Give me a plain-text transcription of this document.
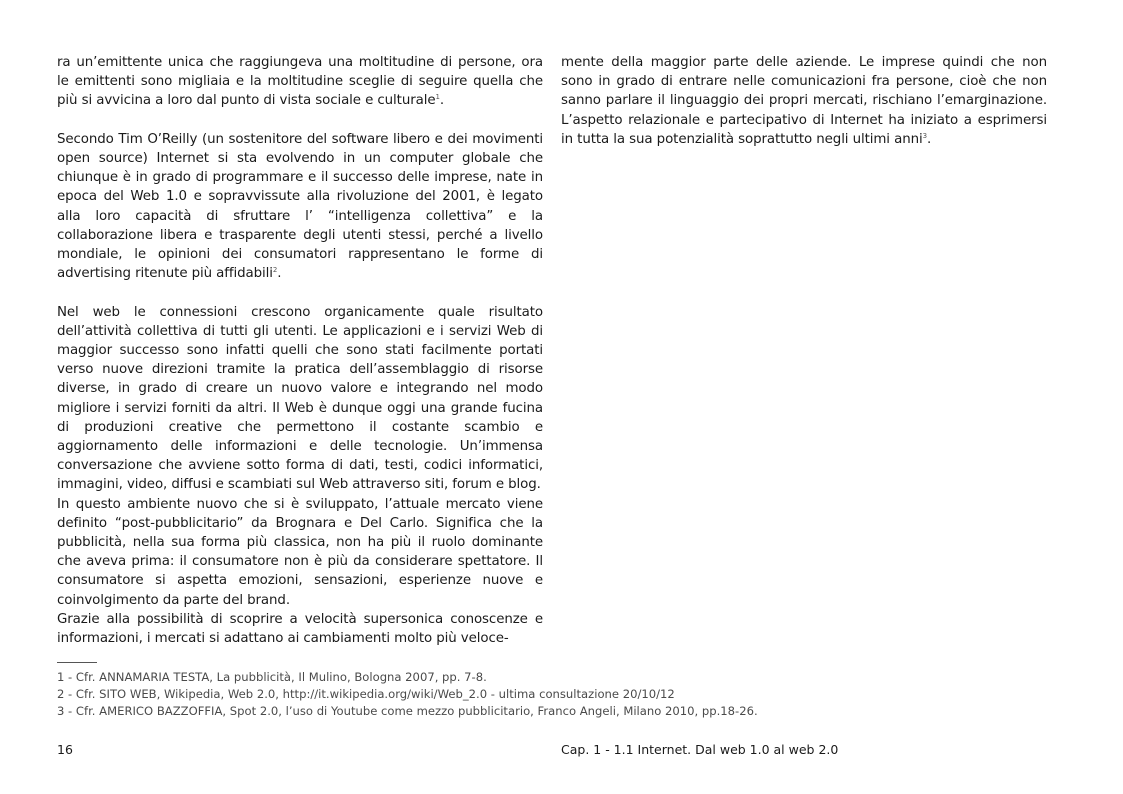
ra un’emittente unica che raggiungeva una moltitudine di persone, ora le emittenti sono migliaia e la moltitudine sceglie di seguire quella che più si avvicina a loro dal punto di vista sociale e culturale$^1$.

Secondo Tim O’Reilly (un sostenitore del software libero e dei movimenti open source) Internet si sta evolvendo in un computer globale che chiunque è in grado di programmare e il successo delle imprese, nate in epoca del Web 1.0 e sopravvissute alla rivoluzione del 2001, è legato alla loro capacità di sfruttare l’ “intelligenza collettiva” e la collaborazione libera e trasparente degli utenti stessi, perché a livello mondiale, le opinioni dei consumatori rappresentano le forme di advertising ritenute più affidabili$^2$.

Nel web le connessioni crescono organicamente quale risultato dell’attività collettiva di tutti gli utenti. Le applicazioni e i servizi Web di maggior successo sono infatti quelli che sono stati facilmente portati verso nuove direzioni tramite la pratica dell’assemblaggio di risorse diverse, in grado di creare un nuovo valore e integrando nel modo migliore i servizi forniti da altri. Il Web è dunque oggi una grande fucina di produzioni creative che permettono il costante scambio e aggiornamento delle informazioni e delle tecnologie. Un’immensa conversazione che avviene sotto forma di dati, testi, codici informatici, immagini, video, diffusi e scambiati sul Web attraverso siti, forum e blog.

In questo ambiente nuovo che si è sviluppato, l’attuale mercato viene definito “post-pubblicitario” da Brognara e Del Carlo. Significa che la pubblicità, nella sua forma più classica, non ha più il ruolo dominante che aveva prima: il consumatore non è più da considerare spettatore. Il consumatore si aspetta emozioni, sensazioni, esperienze nuove e coinvolgimento da parte del brand.

Grazie alla possibilità di scoprire a velocità supersonica conoscenze e informazioni, i mercati si adattano ai cambiamenti molto più veloce-

mente della maggior parte delle aziende. Le imprese quindi che non sono in grado di entrare nelle comunicazioni fra persone, cioè che non sanno parlare il linguaggio dei propri mercati, rischiano l’emarginazione. L’aspetto relazionale e partecipativo di Internet ha iniziato a esprimersi in tutta la sua potenzialità soprattutto negli ultimi anni$^3$.

1 - Cfr. ANNAMARIA TESTA, La pubblicità, Il Mulino, Bologna 2007, pp. 7-8.
2 - Cfr. SITO WEB, Wikipedia, Web 2.0, http://it.wikipedia.org/wiki/Web_2.0 - ultima consultazione 20/10/12
3 - Cfr. AMERICO BAZZOFFIA, Spot 2.0, l’uso di Youtube come mezzo pubblicitario, Franco Angeli, Milano 2010, pp.18-26.
16	Cap. 1 - 1.1 Internet. Dal web 1.0 al web 2.0
